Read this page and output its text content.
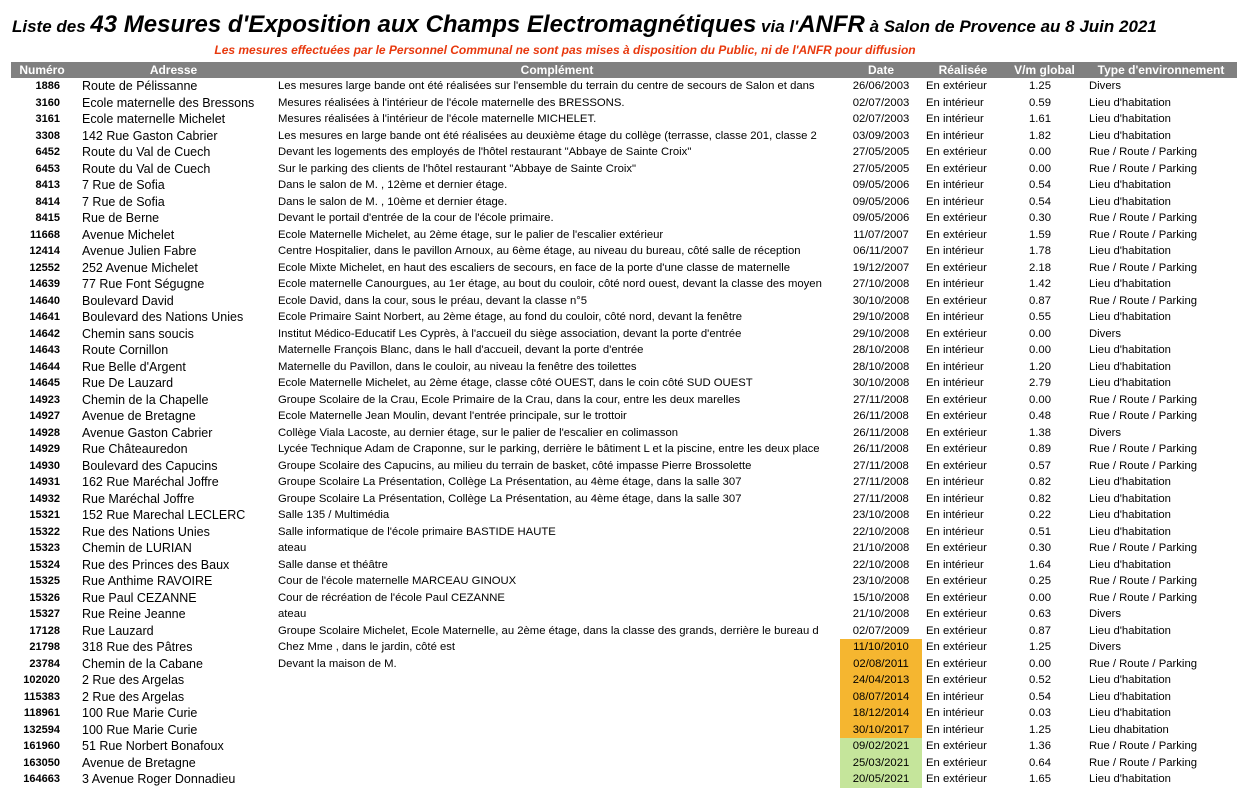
Liste des 43 Mesures d'Exposition aux Champs Electromagnétiques via l'ANFR à Salon de Provence au 8 Juin 2021
Les mesures effectuées par le Personnel Communal ne sont pas mises à disposition du Public, ni de l'ANFR pour diffusion
Numéro	Adresse	Complément	Date	Réalisée	V/m global	Type d'environnement
1886	Route de Pélissanne	Les mesures large bande ont été réalisées sur l'ensemble du terrain du centre de secours de Salon et dans	26/06/2003	En extérieur	1.25	Divers
3160	Ecole maternelle des Bressons	Mesures réalisées à l'intérieur de l'école maternelle des BRESSONS.	02/07/2003	En intérieur	0.59	Lieu d'habitation
3161	Ecole maternelle Michelet	Mesures réalisées à l'intérieur de l'école maternelle MICHELET.	02/07/2003	En intérieur	1.61	Lieu d'habitation
3308	142 Rue Gaston Cabrier	Les mesures en large bande ont été réalisées au deuxième étage du collège (terrasse, classe 201, classe 2	03/09/2003	En intérieur	1.82	Lieu d'habitation
6452	Route du Val de Cuech	Devant les logements des employés de l'hôtel restaurant "Abbaye de Sainte Croix"	27/05/2005	En extérieur	0.00	Rue / Route / Parking
6453	Route du Val de Cuech	Sur le parking des clients de l'hôtel restaurant "Abbaye de Sainte Croix"	27/05/2005	En extérieur	0.00	Rue / Route / Parking
8413	7 Rue de Sofia	Dans le salon de M. , 12ème et dernier étage.	09/05/2006	En intérieur	0.54	Lieu d'habitation
8414	7 Rue de Sofia	Dans le salon de M. , 10ème et dernier étage.	09/05/2006	En intérieur	0.54	Lieu d'habitation
8415	Rue de Berne	Devant le portail d'entrée de la cour de l'école primaire.	09/05/2006	En extérieur	0.30	Rue / Route / Parking
11668	Avenue Michelet	Ecole Maternelle Michelet, au 2ème étage, sur le palier de l'escalier extérieur	11/07/2007	En extérieur	1.59	Rue / Route / Parking
12414	Avenue Julien Fabre	Centre Hospitalier, dans le pavillon Arnoux, au 6ème étage, au niveau du bureau, côté salle de réception	06/11/2007	En intérieur	1.78	Lieu d'habitation
12552	252 Avenue Michelet	Ecole Mixte Michelet, en haut des escaliers de secours, en face de la porte d'une classe de maternelle	19/12/2007	En extérieur	2.18	Rue / Route / Parking
14639	77 Rue Font Ségugne	Ecole maternelle Canourgues, au 1er étage, au bout du couloir, côté nord ouest, devant la classe des moyen	27/10/2008	En intérieur	1.42	Lieu d'habitation
14640	Boulevard David	Ecole David, dans la cour, sous le préau, devant la classe n°5	30/10/2008	En extérieur	0.87	Rue / Route / Parking
14641	Boulevard des Nations Unies	Ecole Primaire Saint Norbert, au 2ème étage, au fond du couloir, côté nord, devant la fenêtre	29/10/2008	En intérieur	0.55	Lieu d'habitation
14642	Chemin sans soucis	Institut Médico-Educatif Les Cyprès, à l'accueil du siège association, devant la porte d'entrée	29/10/2008	En extérieur	0.00	Divers
14643	Route Cornillon	Maternelle François Blanc, dans le hall d'accueil, devant la porte d'entrée	28/10/2008	En intérieur	0.00	Lieu d'habitation
14644	Rue Belle d'Argent	Maternelle du Pavillon, dans le couloir, au niveau la fenêtre des toilettes	28/10/2008	En intérieur	1.20	Lieu d'habitation
14645	Rue De Lauzard	Ecole Maternelle Michelet, au 2ème étage, classe côté OUEST, dans le coin côté SUD OUEST	30/10/2008	En intérieur	2.79	Lieu d'habitation
14923	Chemin de la Chapelle	Groupe Scolaire de la Crau, Ecole Primaire de la Crau, dans la cour, entre les deux marelles	27/11/2008	En extérieur	0.00	Rue / Route / Parking
14927	Avenue de Bretagne	Ecole Maternelle Jean Moulin, devant l'entrée principale, sur le trottoir	26/11/2008	En extérieur	0.48	Rue / Route / Parking
14928	Avenue Gaston Cabrier	Collège Viala Lacoste, au dernier étage, sur le palier de l'escalier en colimasson	26/11/2008	En extérieur	1.38	Divers
14929	Rue Châteauredon	Lycée Technique Adam de Craponne, sur le parking, derrière le bâtiment L et la piscine, entre les deux place	26/11/2008	En extérieur	0.89	Rue / Route / Parking
14930	Boulevard des Capucins	Groupe Scolaire des Capucins, au milieu du terrain de basket, côté impasse Pierre Brossolette	27/11/2008	En extérieur	0.57	Rue / Route / Parking
14931	162 Rue Maréchal Joffre	Groupe Scolaire La Présentation, Collège La Présentation, au 4ème étage, dans la salle 307	27/11/2008	En intérieur	0.82	Lieu d'habitation
14932	Rue Maréchal Joffre	Groupe Scolaire La Présentation, Collège La Présentation, au 4ème étage, dans la salle 307	27/11/2008	En intérieur	0.82	Lieu d'habitation
15321	152 Rue Marechal LECLERC	Salle 135 / Multimédia	23/10/2008	En intérieur	0.22	Lieu d'habitation
15322	Rue des Nations Unies	Salle informatique de l'école primaire BASTIDE HAUTE	22/10/2008	En intérieur	0.51	Lieu d'habitation
15323	Chemin de LURIAN	ateau	21/10/2008	En extérieur	0.30	Rue / Route / Parking
15324	Rue des Princes des Baux	Salle danse et théâtre	22/10/2008	En intérieur	1.64	Lieu d'habitation
15325	Rue Anthime RAVOIRE	Cour de l'école maternelle MARCEAU GINOUX	23/10/2008	En extérieur	0.25	Rue / Route / Parking
15326	Rue Paul CEZANNE	Cour de récréation de l'école Paul CEZANNE	15/10/2008	En extérieur	0.00	Rue / Route / Parking
15327	Rue Reine Jeanne	ateau	21/10/2008	En extérieur	0.63	Divers
17128	Rue Lauzard	Groupe Scolaire Michelet, Ecole Maternelle, au 2ème étage, dans la classe des grands, derrière le bureau d	02/07/2009	En extérieur	0.87	Lieu d'habitation
21798	318 Rue des Pâtres	Chez Mme , dans le jardin, côté est	11/10/2010	En extérieur	1.25	Divers
23784	Chemin de la Cabane	Devant la maison de M.	02/08/2011	En extérieur	0.00	Rue / Route / Parking
102020	2 Rue des Argelas		24/04/2013	En extérieur	0.52	Lieu d'habitation
115383	2 Rue des Argelas		08/07/2014	En intérieur	0.54	Lieu d'habitation
118961	100 Rue Marie Curie		18/12/2014	En intérieur	0.03	Lieu d'habitation
132594	100 Rue Marie Curie		30/10/2017	En intérieur	1.25	Lieu dhabitation
161960	51 Rue Norbert Bonafoux		09/02/2021	En extérieur	1.36	Rue / Route / Parking
163050	Avenue de Bretagne		25/03/2021	En extérieur	0.64	Rue / Route / Parking
164663	3 Avenue Roger Donnadieu		20/05/2021	En extérieur	1.65	Lieu d'habitation
